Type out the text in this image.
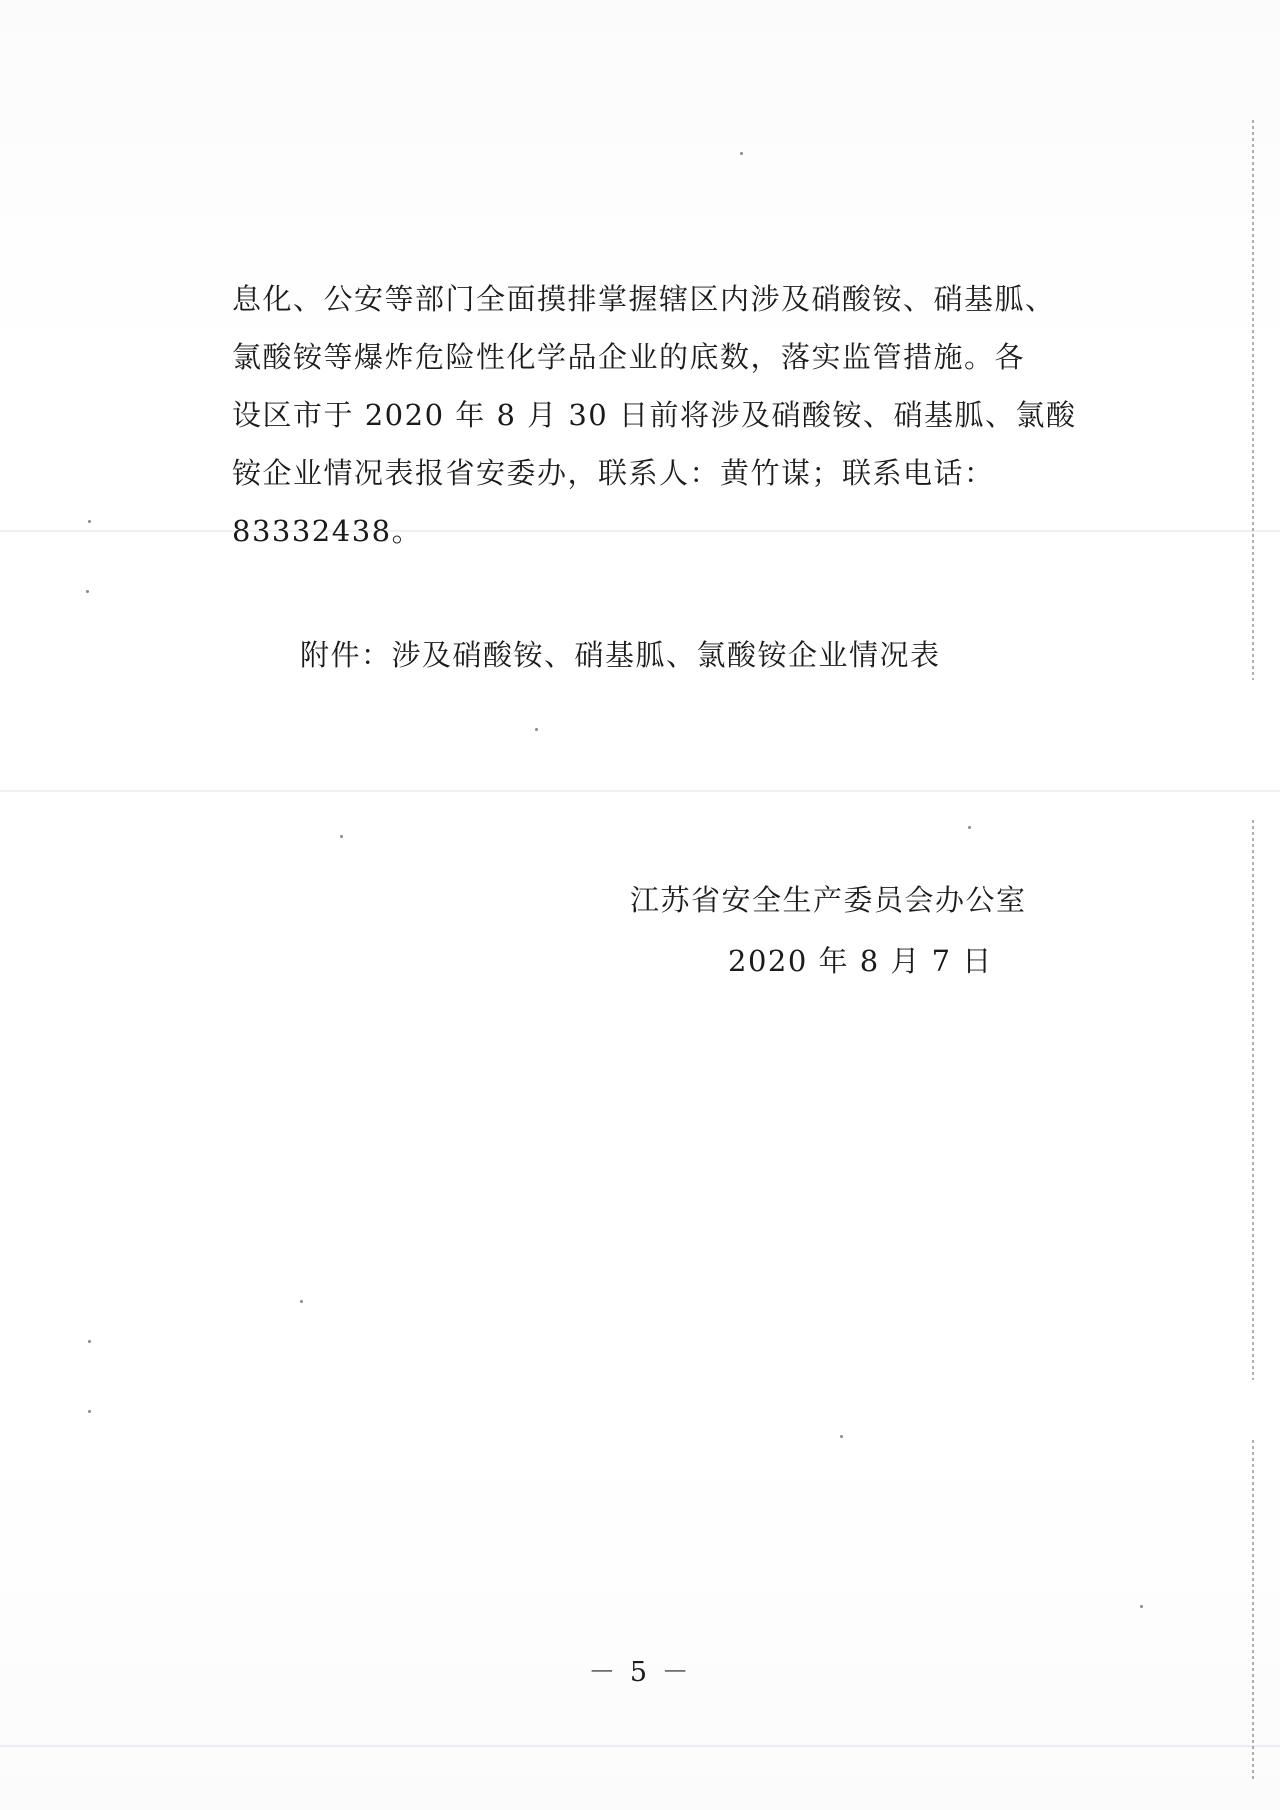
息化、公安等部门全面摸排掌握辖区内涉及硝酸铵、硝基胍、

氯酸铵等爆炸危险性化学品企业的底数，落实监管措施。各

设区市于 2020 年 8 月 30 日前将涉及硝酸铵、硝基胍、氯酸

铵企业情况表报省安委办，联系人：黄竹谋；联系电话：

83332438。

附件：涉及硝酸铵、硝基胍、氯酸铵企业情况表
江苏省安全生产委员会办公室
2020 年 8 月 7 日
－ 5 －
